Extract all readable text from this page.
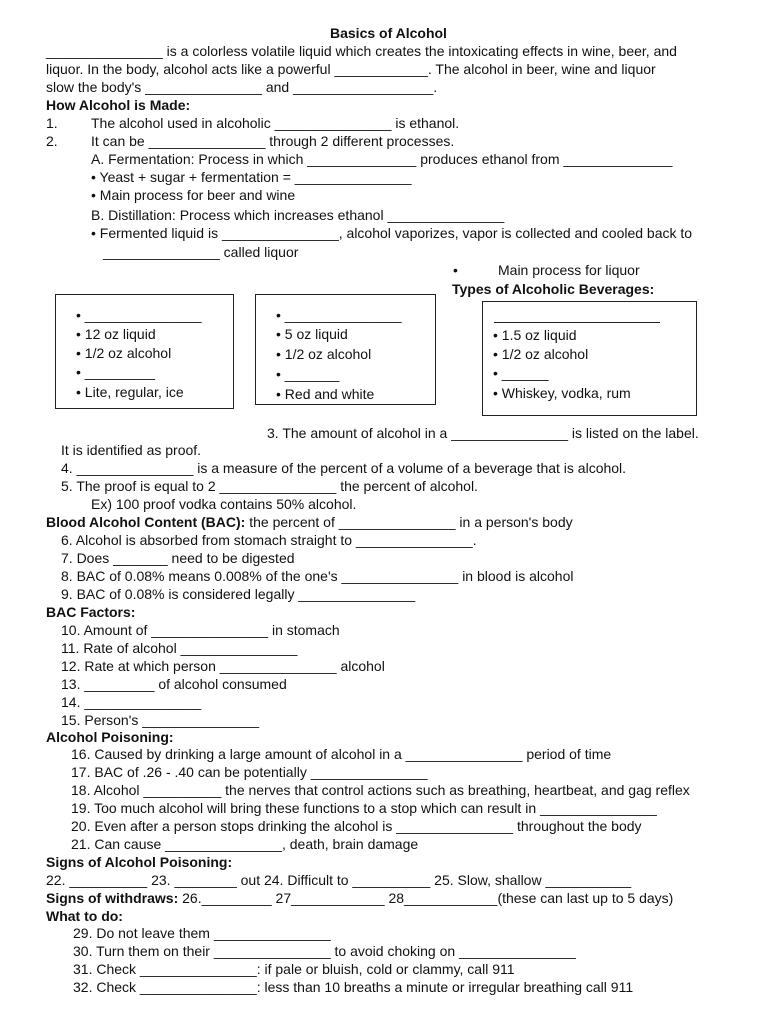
Basics of Alcohol
_______________ is a colorless volatile liquid which creates the intoxicating effects in wine, beer, and
liquor. In the body, alcohol acts like a powerful ____________. The alcohol in beer, wine and liquor
slow the body's _______________ and __________________.
How Alcohol is Made:
1. The alcohol used in alcoholic _______________ is ethanol.
2. It can be _______________ through 2 different processes.
A. Fermentation: Process in which ______________ produces ethanol from ______________
• Yeast + sugar + fermentation = _______________
• Main process for beer and wine
B. Distillation: Process which increases ethanol _______________
• Fermented liquid is _______________, alcohol vaporizes, vapor is collected and cooled back to
_______________ called liquor
•	Main process for liquor
Types of Alcoholic Beverages:
• _______________
• 12 oz liquid
• 1/2 oz alcohol
• _________
• Lite, regular, ice
• _______________
• 5 oz liquid
• 1/2 oz alcohol
• _______
• Red and white
• 1.5 oz liquid
• 1/2 oz alcohol
• ______
• Whiskey, vodka, rum
3. The amount of alcohol in a _______________ is listed on the label.
It is identified as proof.
4. _______________ is a measure of the percent of a volume of a beverage that is alcohol.
5. The proof is equal to 2 _______________ the percent of alcohol.
Ex) 100 proof vodka contains 50% alcohol.
Blood Alcohol Content (BAC): the percent of _______________ in a person's body
6. Alcohol is absorbed from stomach straight to _______________.
7. Does _______ need to be digested
8. BAC of 0.08% means 0.008% of the one's _______________ in blood is alcohol
9. BAC of 0.08% is considered legally _______________
BAC Factors:
10. Amount of _______________ in stomach
11. Rate of alcohol _______________
12. Rate at which person _______________ alcohol
13. _________ of alcohol consumed
14. _______________
15. Person's _______________
Alcohol Poisoning:
16. Caused by drinking a large amount of alcohol in a _______________ period of time
17. BAC of .26 - .40 can be potentially _______________
18. Alcohol __________ the nerves that control actions such as breathing, heartbeat, and gag reflex
19. Too much alcohol will bring these functions to a stop which can result in _______________
20. Even after a person stops drinking the alcohol is _______________ throughout the body
21. Can cause _______________, death, brain damage
Signs of Alcohol Poisoning:
22. __________ 23. ________ out 24. Difficult to __________ 25. Slow, shallow ___________
Signs of withdraws: 26._________ 27____________ 28____________(these can last up to 5 days)
What to do:
29. Do not leave them _______________
30. Turn them on their _______________ to avoid choking on _______________
31. Check _______________: if pale or bluish, cold or clammy, call 911
32. Check _______________: less than 10 breaths a minute or irregular breathing call 911
